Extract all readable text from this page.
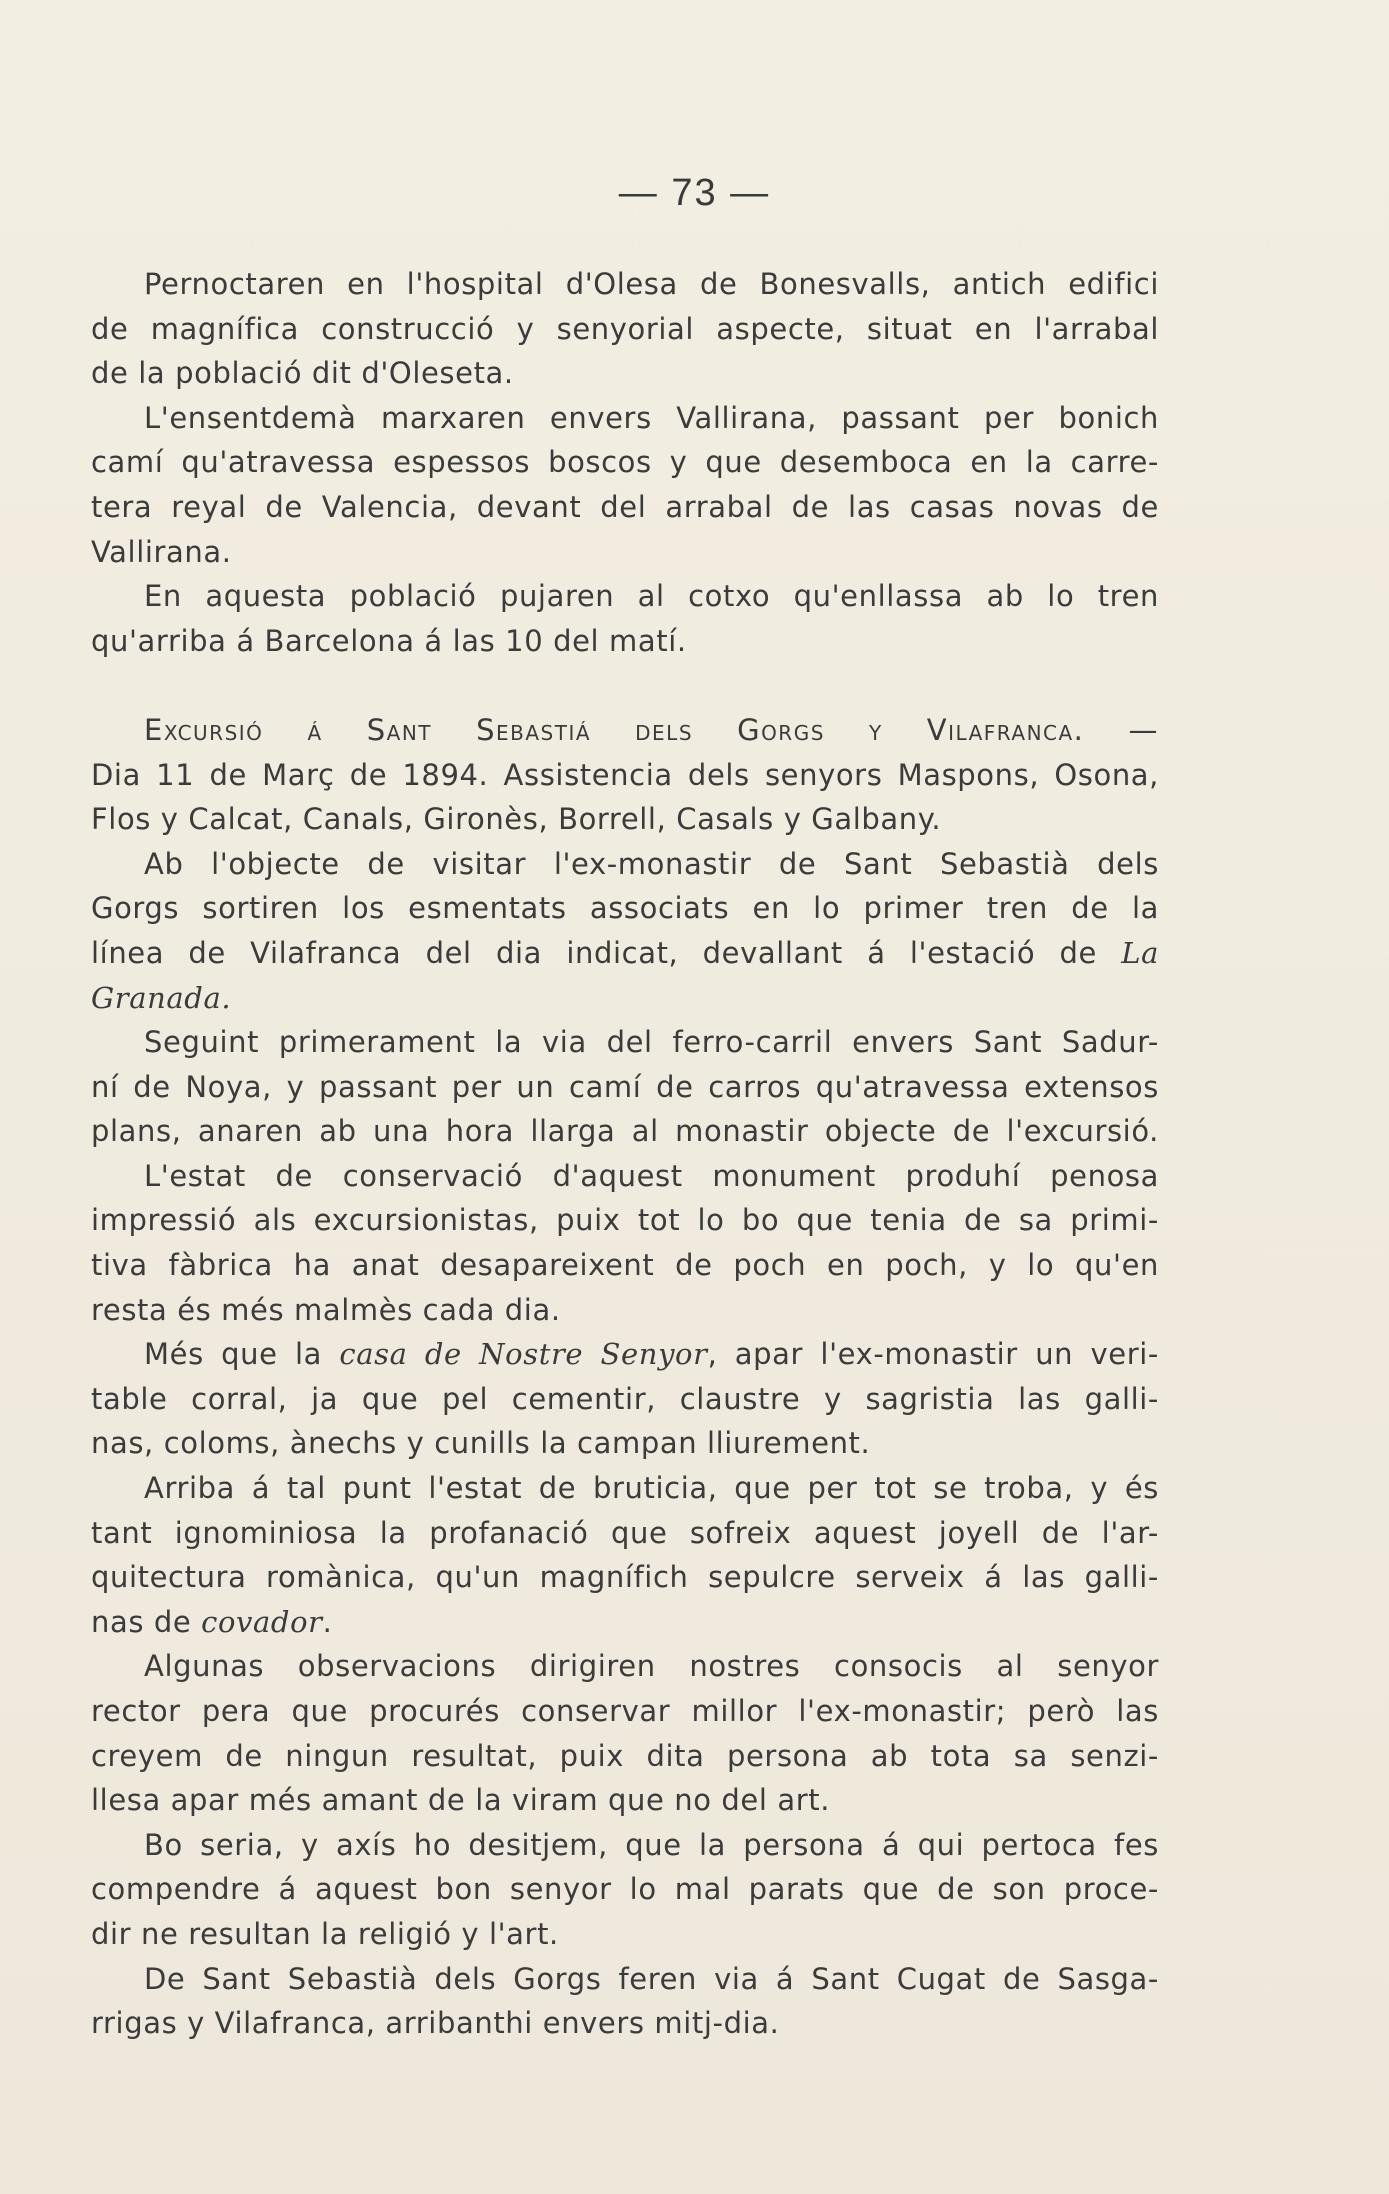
— 73 —
Pernoctaren en l'hospital d'Olesa de Bonesvalls, antich edifici
de magnífica construcció y senyorial aspecte, situat en l'arrabal
de la població dit d'Oleseta.
L'ensentdemà marxaren envers Vallirana, passant per bonich
camí qu'atravessa espessos boscos y que desemboca en la carre-
tera reyal de Valencia, devant del arrabal de las casas novas de
Vallirana.
En aquesta població pujaren al cotxo qu'enllassa ab lo tren
qu'arriba á Barcelona á las 10 del matí.
Excursió á Sant Sebastiá dels Gorgs y Vilafranca. —
Dia 11 de Març de 1894. Assistencia dels senyors Maspons, Osona,
Flos y Calcat, Canals, Gironès, Borrell, Casals y Galbany.
Ab l'objecte de visitar l'ex-monastir de Sant Sebastià dels
Gorgs sortiren los esmentats associats en lo primer tren de la
línea de Vilafranca del dia indicat, devallant á l'estació de La
Granada.
Seguint primerament la via del ferro-carril envers Sant Sadur-
ní de Noya, y passant per un camí de carros qu'atravessa extensos
plans, anaren ab una hora llarga al monastir objecte de l'excursió.
L'estat de conservació d'aquest monument produhí penosa
impressió als excursionistas, puix tot lo bo que tenia de sa primi-
tiva fàbrica ha anat desapareixent de poch en poch, y lo qu'en
resta és més malmès cada dia.
Més que la casa de Nostre Senyor, apar l'ex-monastir un veri-
table corral, ja que pel cementir, claustre y sagristia las galli-
nas, coloms, ànechs y cunills la campan lliurement.
Arriba á tal punt l'estat de bruticia, que per tot se troba, y és
tant ignominiosa la profanació que sofreix aquest joyell de l'ar-
quitectura romànica, qu'un magnífich sepulcre serveix á las galli-
nas de covador.
Algunas observacions dirigiren nostres consocis al senyor
rector pera que procurés conservar millor l'ex-monastir; però las
creyem de ningun resultat, puix dita persona ab tota sa senzi-
llesa apar més amant de la viram que no del art.
Bo seria, y axís ho desitjem, que la persona á qui pertoca fes
compendre á aquest bon senyor lo mal parats que de son proce-
dir ne resultan la religió y l'art.
De Sant Sebastià dels Gorgs feren via á Sant Cugat de Sasga-
rrigas y Vilafranca, arribanthi envers mitj-dia.
